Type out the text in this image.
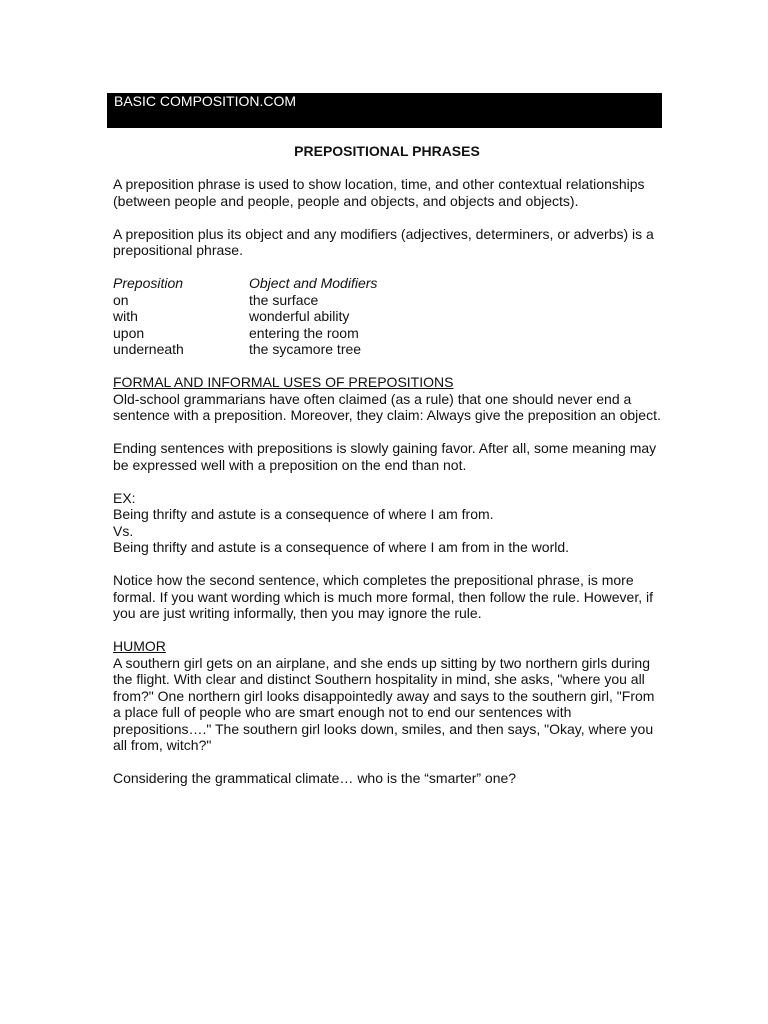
BASIC COMPOSITION.COM
PREPOSITIONAL PHRASES

A preposition phrase is used to show location, time, and other contextual relationships (between people and people, people and objects, and objects and objects).

A preposition plus its object and any modifiers (adjectives, determiners, or adverbs) is a prepositional phrase.

Preposition	Object and Modifiers
on	the surface
with	wonderful ability
upon	entering the room
underneath	the sycamore tree

FORMAL AND INFORMAL USES OF PREPOSITIONS

Old-school grammarians have often claimed (as a rule) that one should never end a sentence with a preposition. Moreover, they claim: Always give the preposition an object.

Ending sentences with prepositions is slowly gaining favor. After all, some meaning may be expressed well with a preposition on the end than not.

EX:

Being thrifty and astute is a consequence of where I am from.

Vs.

Being thrifty and astute is a consequence of where I am from in the world.

Notice how the second sentence, which completes the prepositional phrase, is more formal. If you want wording which is much more formal, then follow the rule. However, if you are just writing informally, then you may ignore the rule.

HUMOR

A southern girl gets on an airplane, and she ends up sitting by two northern girls during the flight. With clear and distinct Southern hospitality in mind, she asks, "where you all from?" One northern girl looks disappointedly away and says to the southern girl, "From a place full of people who are smart enough not to end our sentences with prepositions…." The southern girl looks down, smiles, and then says, "Okay, where you all from, witch?"

Considering the grammatical climate… who is the “smarter” one?
